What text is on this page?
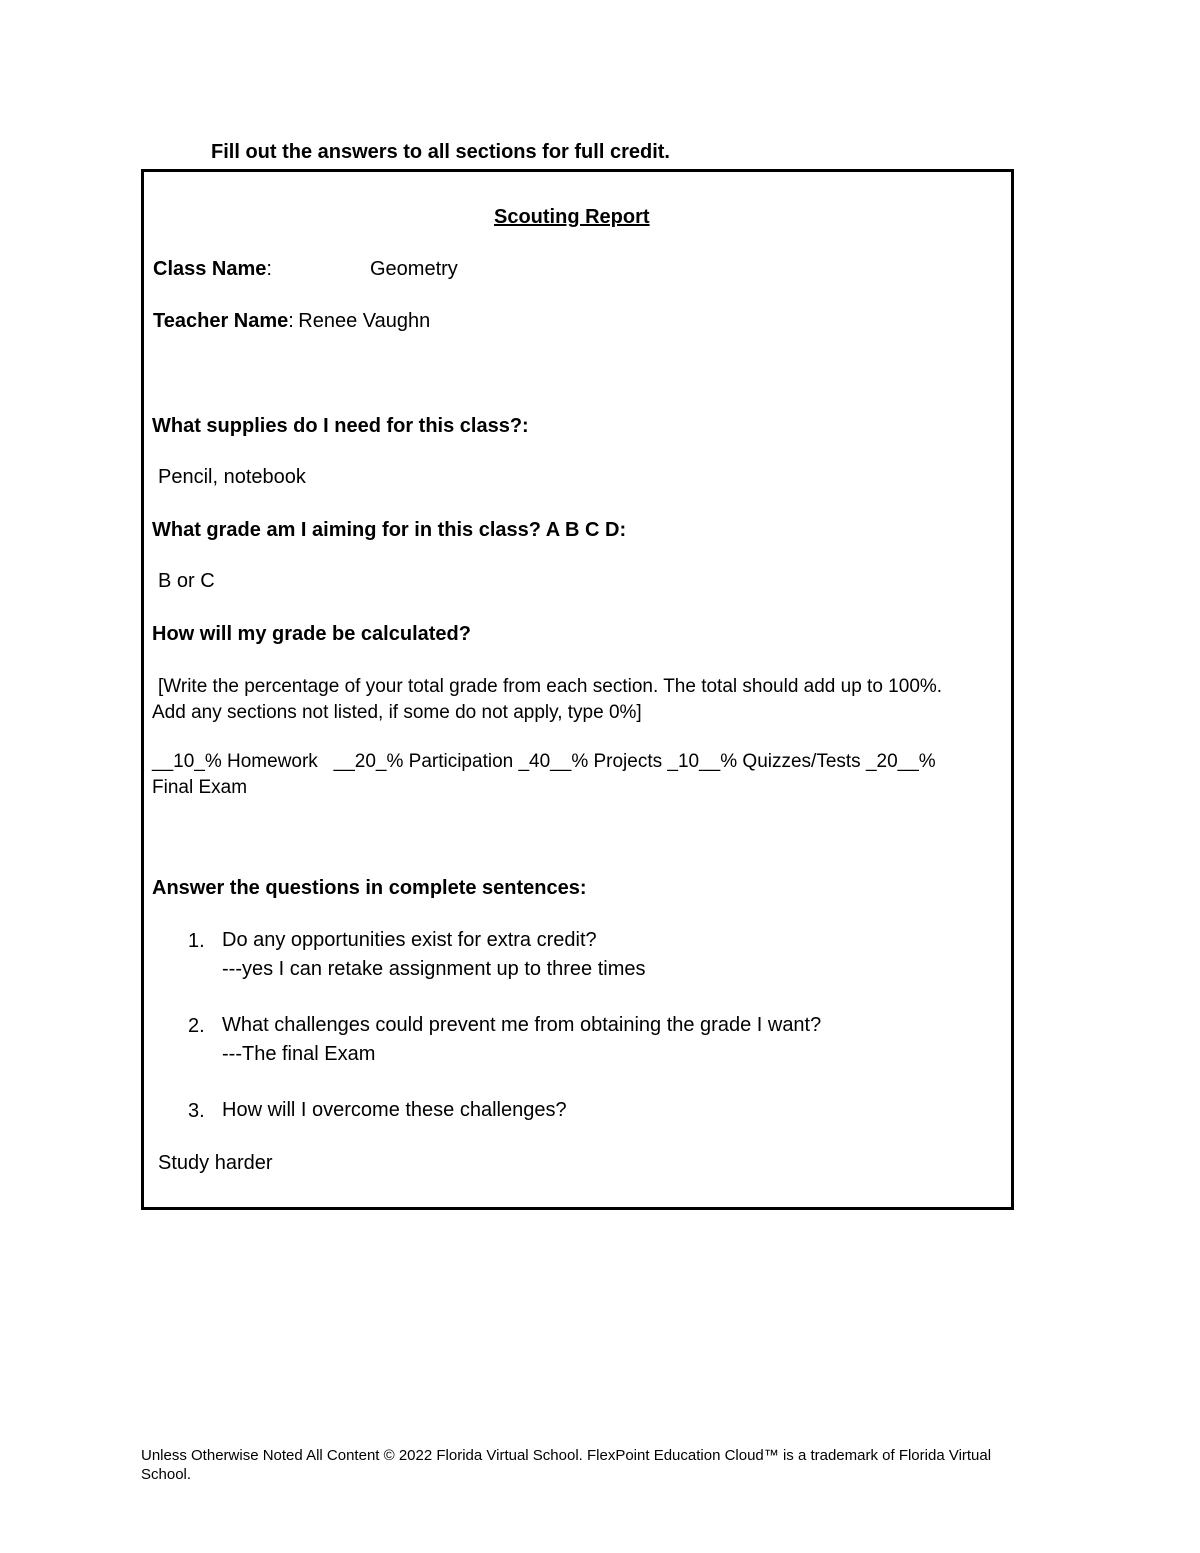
Fill out the answers to all sections for full credit.
Scouting Report
Class Name:	Geometry
Teacher Name: Renee Vaughn
What supplies do I need for this class?:
Pencil, notebook
What grade am I aiming for in this class? A B C D:
B or C
How will my grade be calculated?
[Write the percentage of your total grade from each section. The total should add up to 100%.
Add any sections not listed, if some do not apply, type 0%]
__10_% Homework   __20_% Participation _40__% Projects _10__% Quizzes/Tests _20__%
Final Exam
Answer the questions in complete sentences:
1. Do any opportunities exist for extra credit?
---yes I can retake assignment up to three times
2. What challenges could prevent me from obtaining the grade I want?
---The final Exam
3. How will I overcome these challenges?
Study harder
Unless Otherwise Noted All Content © 2022 Florida Virtual School. FlexPoint Education Cloud™ is a trademark of Florida Virtual
School.
